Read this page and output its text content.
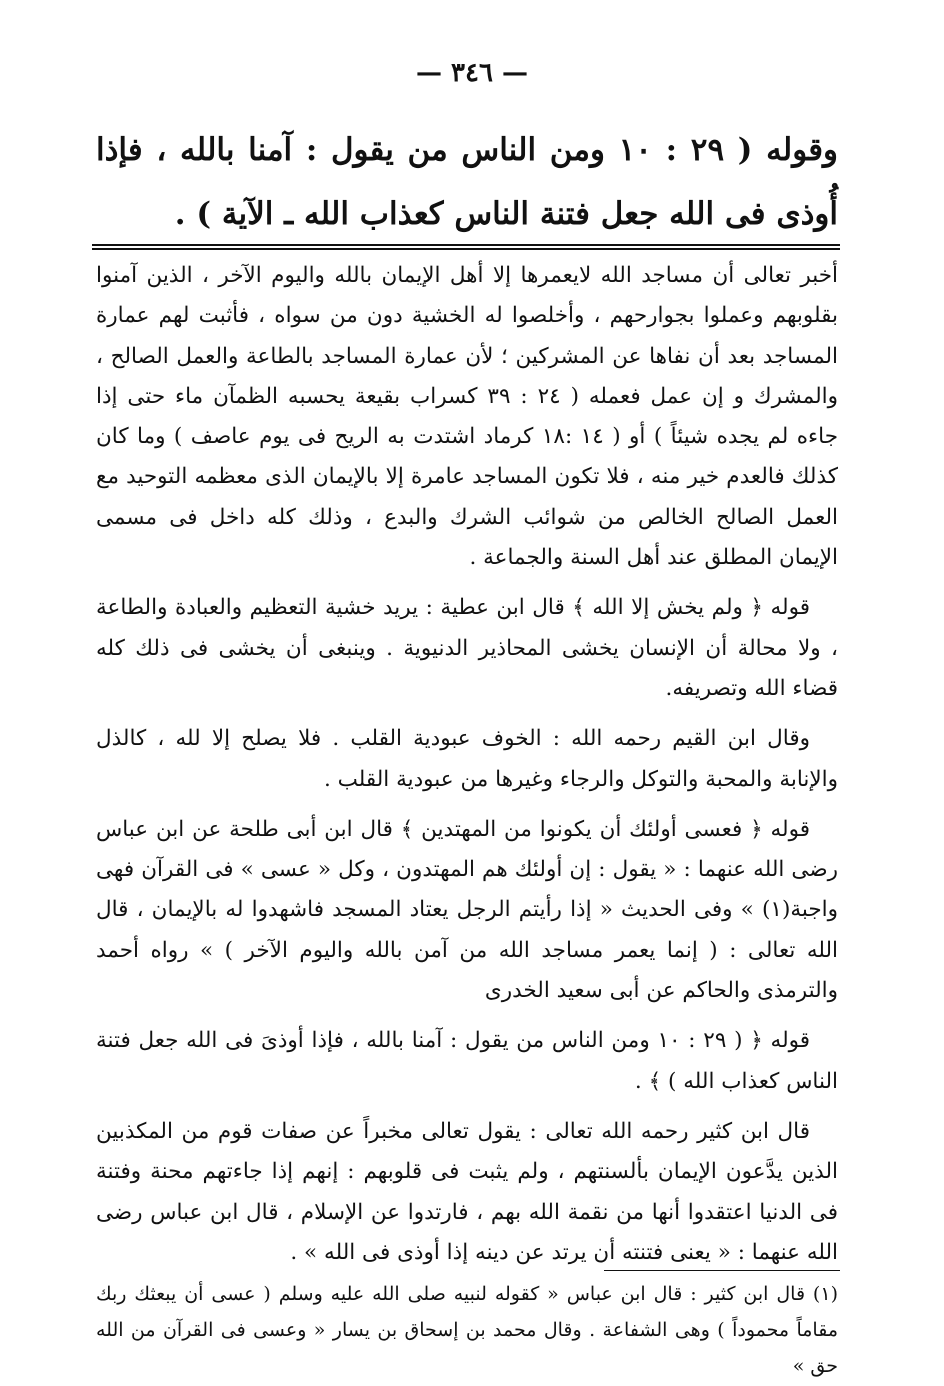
— ٣٤٦ —

وقوله ( ٢٩ : ١٠ ومن الناس من يقول : آمنا بالله ، فإذا أُوذى فى الله جعل فتنة الناس كعذاب الله ـ الآية ) .

أخبر تعالى أن مساجد الله لايعمرها إلا أهل الإيمان بالله واليوم الآخر ، الذين آمنوا بقلوبهم وعملوا بجوارحهم ، وأخلصوا له الخشية دون من سواه ، فأثبت لهم عمارة المساجد بعد أن نفاها عن المشركين ؛ لأن عمارة المساجد بالطاعة والعمل الصالح ، والمشرك و إن عمل فعمله ( ٢٤ : ٣٩ كسراب بقيعة يحسبه الظمآن ماء حتى إذا جاءه لم يجده شيئاً ) أو ( ١٤ :١٨ كرماد اشتدت به الريح فى يوم عاصف ) وما كان كذلك فالعدم خير منه ، فلا تكون المساجد عامرة إلا بالإيمان الذى معظمه التوحيد مع العمل الصالح الخالص من شوائب الشرك والبدع ، وذلك كله داخل فى مسمى الإيمان المطلق عند أهل السنة والجماعة .

قوله ﴿ ولم يخش إلا الله ﴾ قال ابن عطية : يريد خشية التعظيم والعبادة والطاعة ، ولا محالة أن الإنسان يخشى المحاذير الدنيوية . وينبغى أن يخشى فى ذلك كله قضاء الله وتصريفه.

وقال ابن القيم رحمه الله : الخوف عبودية القلب . فلا يصلح إلا لله ، كالذل والإنابة والمحبة والتوكل والرجاء وغيرها من عبودية القلب .

قوله ﴿ فعسى أولئك أن يكونوا من المهتدين ﴾ قال ابن أبى طلحة عن ابن عباس رضى الله عنهما : « يقول : إن أولئك هم المهتدون ، وكل « عسى » فى القرآن فهى واجبة(١) » وفى الحديث « إذا رأيتم الرجل يعتاد المسجد فاشهدوا له بالإيمان ، قال الله تعالى : ( إنما يعمر مساجد الله من آمن بالله واليوم الآخر ) » رواه أحمد والترمذى والحاكم عن أبى سعيد الخدرى

قوله ﴿ ( ٢٩ : ١٠ ومن الناس من يقول : آمنا بالله ، فإذا أوذىَ فى الله جعل فتنة الناس كعذاب الله ) ﴾ .

قال ابن كثير رحمه الله تعالى : يقول تعالى مخبراً عن صفات قوم من المكذبين الذين يدَّعون الإيمان بألسنتهم ، ولم يثبت فى قلوبهم : إنهم إذا جاءتهم محنة وفتنة فى الدنيا اعتقدوا أنها من نقمة الله بهم ، فارتدوا عن الإسلام ، قال ابن عباس رضى الله عنهما : « يعنى فتنته أن يرتد عن دينه إذا أوذى فى الله » .

(١) قال ابن كثير : قال ابن عباس « كقوله لنبيه صلى الله عليه وسلم ( عسى أن يبعثك ربك مقاماً محموداً ) وهى الشفاعة . وقال محمد بن إسحاق بن يسار « وعسى فى القرآن من الله حق »
